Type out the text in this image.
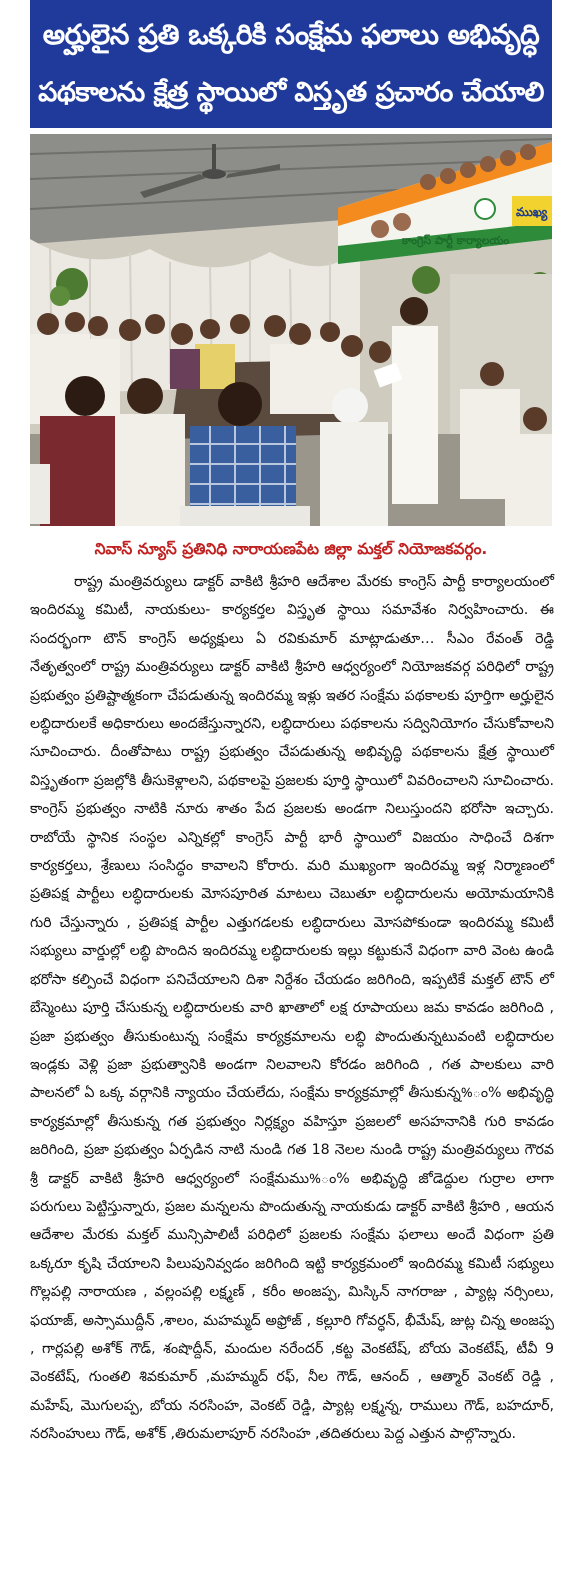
అర్హులైన ప్రతి ఒక్కరికి సంక్షేమ ఫలాలు అభివృద్ధి
పథకాలను క్షేత్ర స్థాయిలో విస్తృత ప్రచారం చేయాలి
కాంగ్రెస్ పార్టీ కార్యాలయం
ముఖ్య
నివాస్ న్యూస్ ప్రతినిధి నారాయణపేట జిల్లా మక్తల్ నియోజకవర్గం.

రాష్ట్ర మంత్రివర్యులు డాక్టర్ వాకిటి శ్రీహరి ఆదేశాల మేరకు కాంగ్రెస్ పార్టీ కార్యాలయంలో ఇందిరమ్మ కమిటీ, నాయకులు- కార్యకర్తల విస్తృత స్థాయి సమావేశం నిర్వహించారు. ఈ సందర్భంగా టౌన్ కాంగ్రెస్ అధ్యక్షులు ఏ రవికుమార్ మాట్లాడుతూ… సీఎం రేవంత్ రెడ్డి నేతృత్వంలో రాష్ట్ర మంత్రివర్యులు డాక్టర్ వాకిటి శ్రీహరి ఆధ్వర్యంలో నియోజకవర్గ పరిధిలో రాష్ట్ర ప్రభుత్వం ప్రతిష్టాత్మకంగా చేపడుతున్న ఇందిరమ్మ ఇళ్లు ఇతర సంక్షేమ పథకాలకు పూర్తిగా అర్హులైన లబ్ధిదారులకే అధికారులు అందజేస్తున్నారని, లబ్ధిదారులు పథకాలను సద్వినియోగం చేసుకోవాలని సూచించారు. దీంతోపాటు రాష్ట్ర ప్రభుత్వం చేపడుతున్న అభివృద్ధి పథకాలను క్షేత్ర స్థాయిలో విస్తృతంగా ప్రజల్లోకి తీసుకెళ్లాలని, పథకాలపై ప్రజలకు పూర్తి స్థాయిలో వివరించాలని సూచించారు. కాంగ్రెస్ ప్రభుత్వం నాటికి నూరు శాతం పేద ప్రజలకు అండగా నిలుస్తుందని భరోసా ఇచ్చారు. రాబోయే స్థానిక సంస్థల ఎన్నికల్లో కాంగ్రెస్ పార్టీ భారీ స్థాయిలో విజయం సాధించే దిశగా కార్యకర్తలు, శ్రేణులు సంసిద్ధం కావాలని కోరారు. మరి ముఖ్యంగా ఇందిరమ్మ ఇళ్ల నిర్మాణంలో ప్రతిపక్ష పార్టీలు లబ్ధిదారులకు మోసపూరిత మాటలు చెబుతూ లబ్ధిదారులను అయోమయానికి గురి చేస్తున్నారు , ప్రతిపక్ష పార్టీల ఎత్తుగడలకు లబ్ధిదారులు మోసపోకుండా ఇందిరమ్మ కమిటీ సభ్యులు వార్డుల్లో లబ్ధి పొందిన ఇందిరమ్మ లబ్ధిదారులకు ఇల్లు కట్టుకునే విధంగా వారి వెంట ఉండి భరోసా కల్పించే విధంగా పనిచేయాలని దిశా నిర్దేశం చేయడం జరిగింది, ఇప్పటికే మక్తల్ టౌన్ లో బేస్మెంటు పూర్తి చేసుకున్న లబ్ధిదారులకు వారి ఖాతాలో లక్ష రూపాయలు జమ కావడం జరిగింది , ప్రజా ప్రభుత్వం తీసుకుంటున్న సంక్షేమ కార్యక్రమాలను లబ్ధి పొందుతున్నటువంటి లబ్ధిదారుల ఇండ్లకు వెళ్లి ప్రజా ప్రభుత్వానికి అండగా నిలవాలని కోరడం జరిగింది , గత పాలకులు వారి పాలనలో ఏ ఒక్క వర్గానికి న్యాయం చేయలేదు, సంక్షేమ కార్యక్రమాల్లో తీసుకున్న%ం% అభివృద్ధి కార్యక్రమాల్లో తీసుకున్న గత ప్రభుత్వం నిర్లక్ష్యం వహిస్తూ ప్రజలలో అసహనానికి గురి కావడం జరిగింది, ప్రజా ప్రభుత్వం ఏర్పడిన నాటి నుండి గత 18 నెలల నుండి రాష్ట్ర మంత్రివర్యులు గౌరవ శ్రీ డాక్టర్ వాకిటి శ్రీహరి ఆధ్వర్యంలో సంక్షేమము%ం% అభివృద్ధి జోడెద్దుల గుర్రాల లాగా పరుగులు పెట్టిస్తున్నారు, ప్రజల మన్నలను పొందుతున్న నాయకుడు డాక్టర్ వాకిటి శ్రీహరి , ఆయన ఆదేశాల మేరకు మక్తల్ మున్సిపాలిటీ పరిధిలో ప్రజలకు సంక్షేమ ఫలాలు అందే విధంగా ప్రతి ఒక్కరూ కృషి చేయాలని పిలుపునివ్వడం జరిగింది ఇట్టి కార్యక్రమంలో ఇందిరమ్మ కమిటీ సభ్యులు గొల్లపల్లి నారాయణ , వల్లంపల్లి లక్ష్మణ్ , కరీం అంజప్ప, మిస్కిన్ నాగరాజు , ప్యాట్ల నర్సింలు, ఫయాజ్, అస్సాముద్దీన్ ,శాలం, మహమ్మద్ అఫ్రోజ్ , కల్లూరి గోవర్ధన్, భీమేష్, జుట్ల చిన్న అంజప్ప , గార్లపల్లి అశోక్ గౌడ్, శంషొద్దీన్, మందుల నరేందర్ ,కట్ట వెంకటేష్, బోయ వెంకటేష్, టీవీ 9 వెంకటేష్, గుంతలి శివకుమార్ ,మహమ్మద్ రఫ్, నీల గౌడ్, ఆనంద్ , ఆత్మార్ వెంకట్ రెడ్డి , మహేష్, మొగులప్ప, బోయ నరసింహ, వెంకట్ రెడ్డి, ప్యాట్ల లక్ష్మన్న, రాములు గౌడ్, బహదూర్, నరసింహులు గౌడ్, అశోక్ ,తిరుమలాపూర్ నరసింహ ,తదితరులు పెద్ద ఎత్తున పాల్గొన్నారు.
